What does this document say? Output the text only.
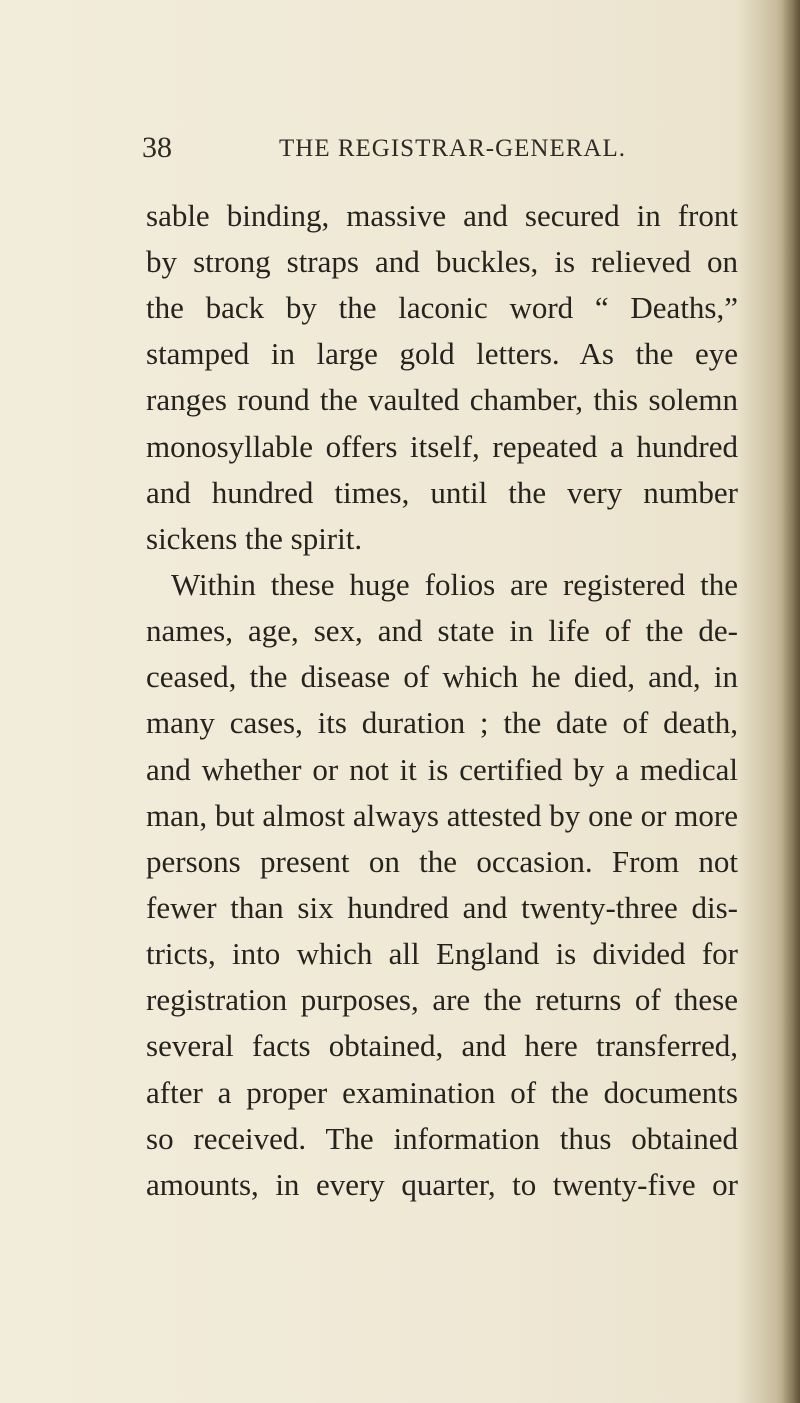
38	THE REGISTRAR-GENERAL.
sable binding, massive and secured in front
by strong straps and buckles, is relieved on
the back by the laconic word “ Deaths,”
stamped in large gold letters. As the eye
ranges round the vaulted chamber, this solemn
monosyllable offers itself, repeated a hundred
and hundred times, until the very number
sickens the spirit.
Within these huge folios are registered the
names, age, sex, and state in life of the de-
ceased, the disease of which he died, and, in
many cases, its duration ; the date of death,
and whether or not it is certified by a medical
man, but almost always attested by one or more
persons present on the occasion. From not
fewer than six hundred and twenty-three dis-
tricts, into which all England is divided for
registration purposes, are the returns of these
several facts obtained, and here transferred,
after a proper examination of the documents
so received. The information thus obtained
amounts, in every quarter, to twenty-five or
